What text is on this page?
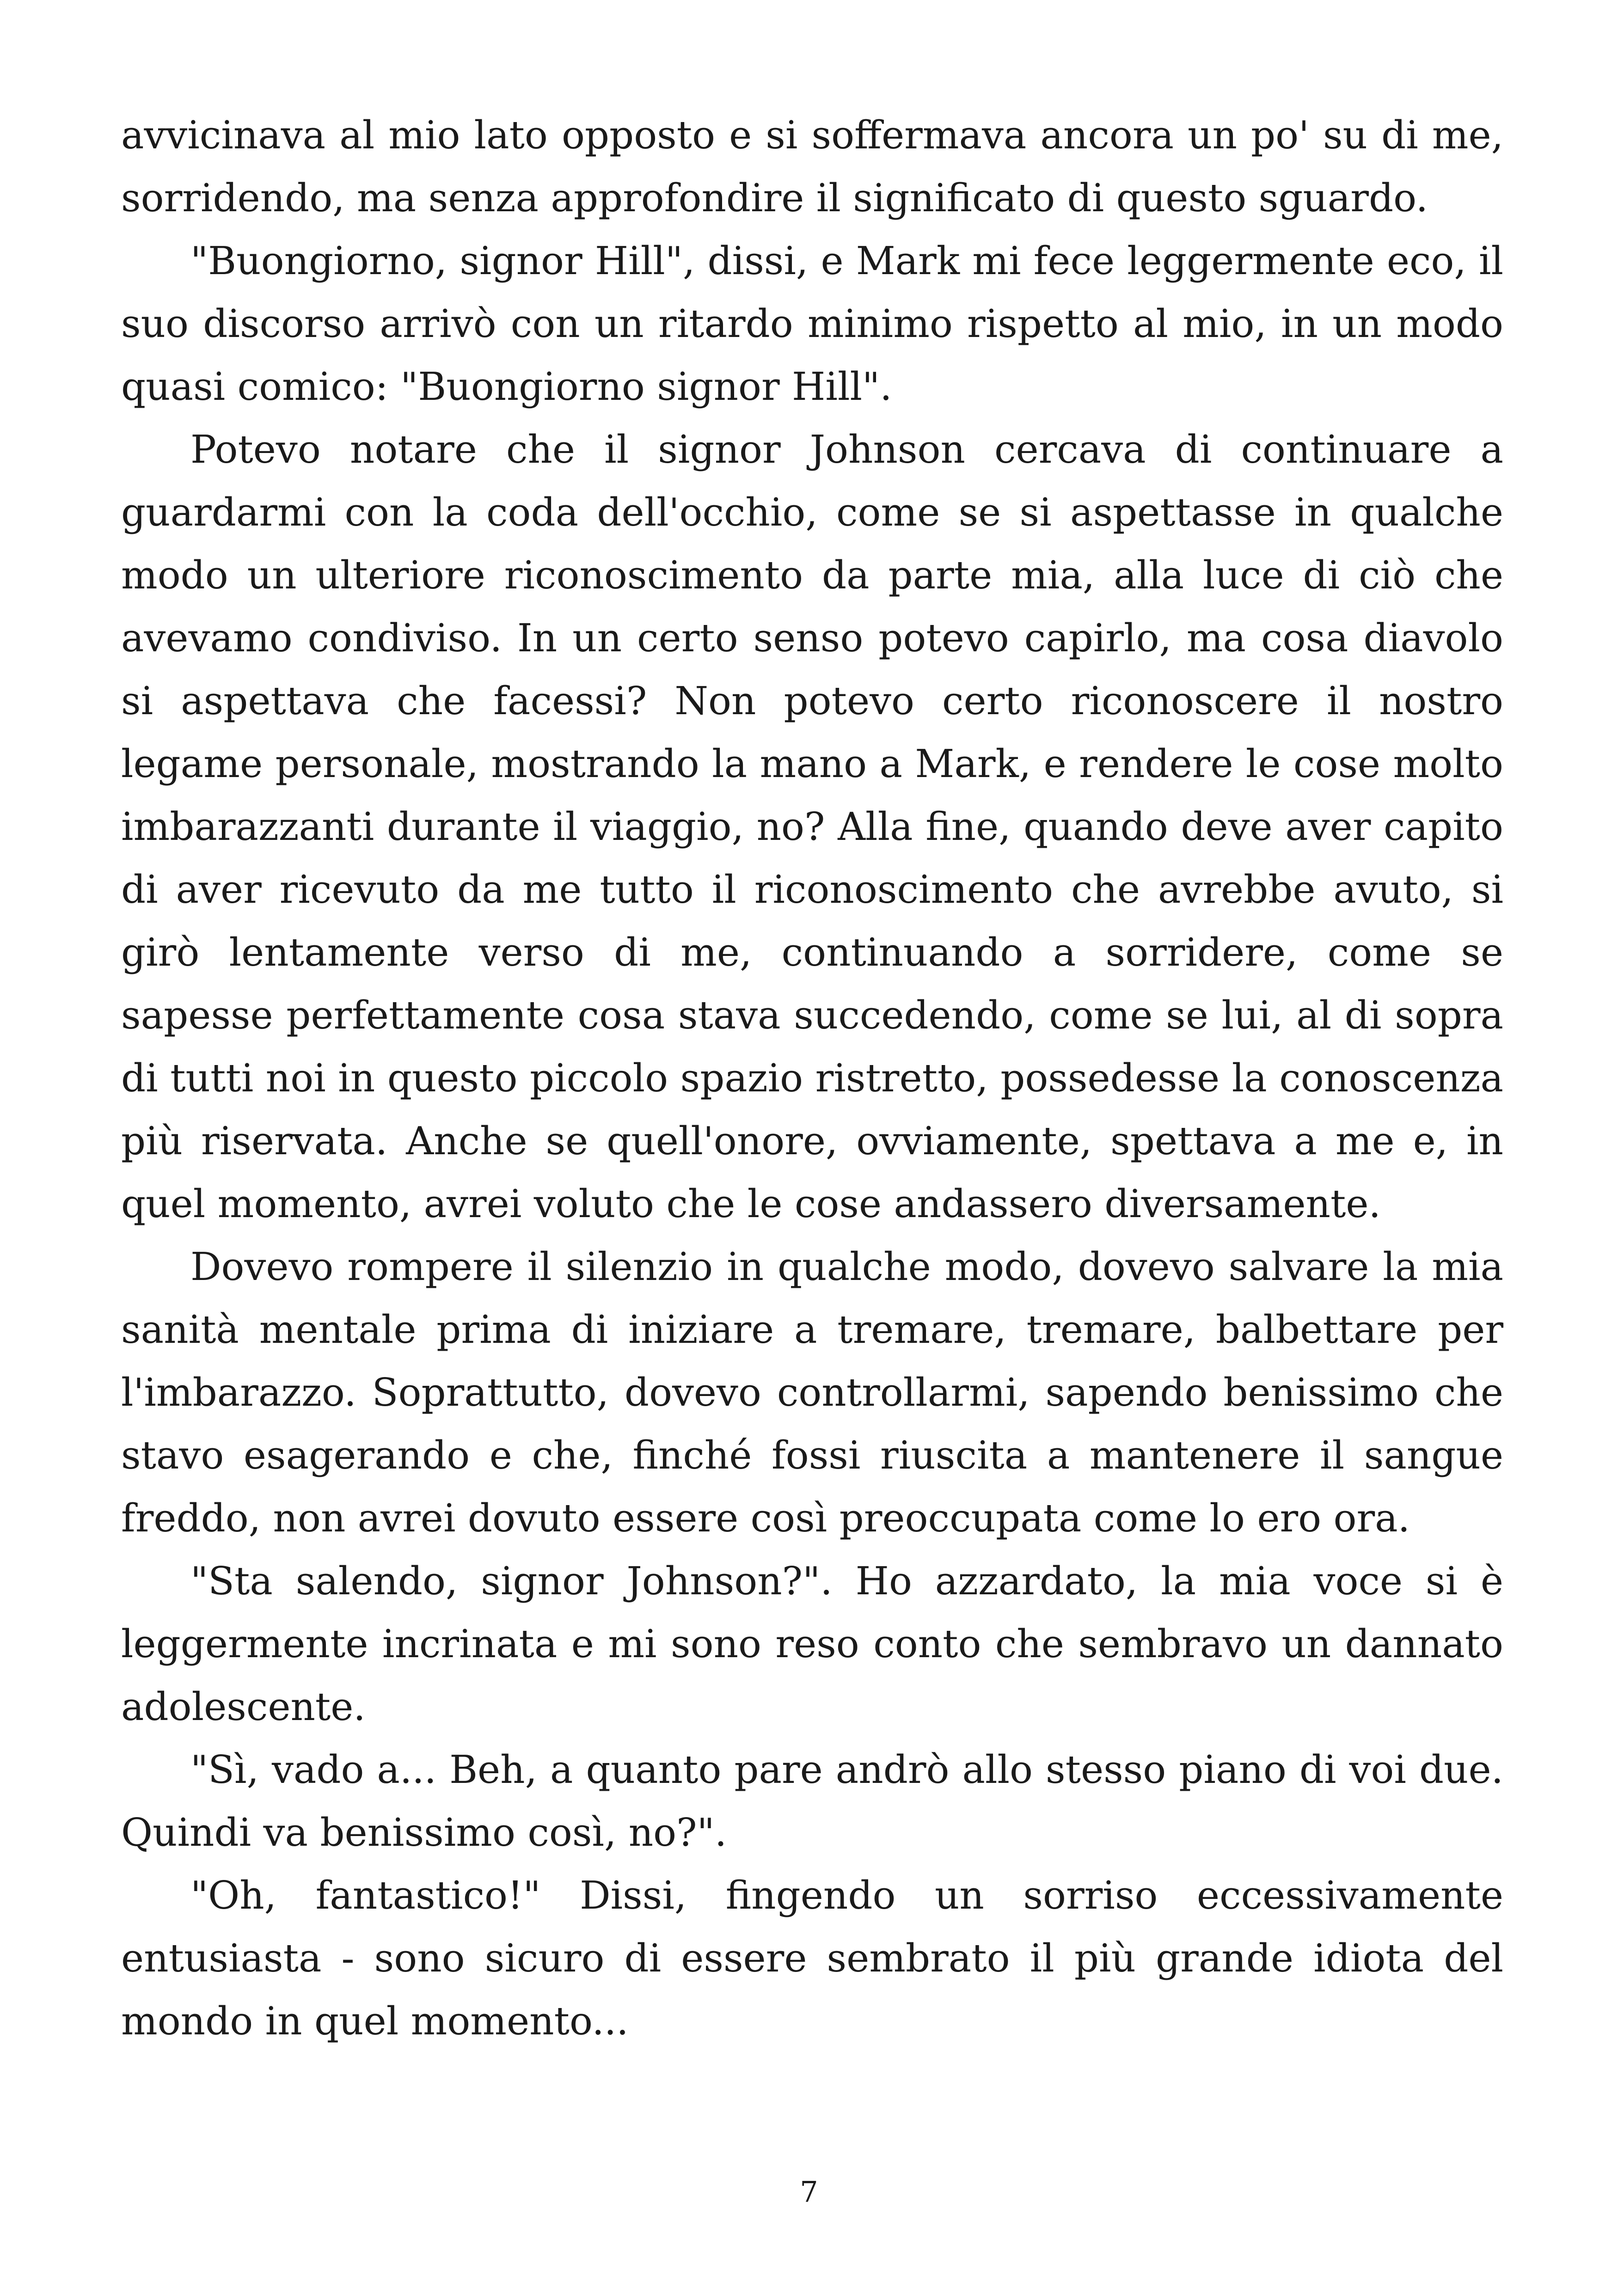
avvicinava al mio lato opposto e si soffermava ancora un po' su di me, sorridendo, ma senza approfondire il significato di questo sguardo.

"Buongiorno, signor Hill", dissi, e Mark mi fece leggermente eco, il suo discorso arrivò con un ritardo minimo rispetto al mio, in un modo quasi comico: "Buongiorno signor Hill".

Potevo notare che il signor Johnson cercava di continuare a guardarmi con la coda dell'occhio, come se si aspettasse in qualche modo un ulteriore riconoscimento da parte mia, alla luce di ciò che avevamo condiviso. In un certo senso potevo capirlo, ma cosa diavolo si aspettava che facessi? Non potevo certo riconoscere il nostro legame personale, mostrando la mano a Mark, e rendere le cose molto imbarazzanti durante il viaggio, no? Alla fine, quando deve aver capito di aver ricevuto da me tutto il riconoscimento che avrebbe avuto, si girò lentamente verso di me, continuando a sorridere, come se sapesse perfettamente cosa stava succedendo, come se lui, al di sopra di tutti noi in questo piccolo spazio ristretto, possedesse la conoscenza più riservata. Anche se quell'onore, ovviamente, spettava a me e, in quel momento, avrei voluto che le cose andassero diversamente.

Dovevo rompere il silenzio in qualche modo, dovevo salvare la mia sanità mentale prima di iniziare a tremare, tremare, balbettare per l'imbarazzo. Soprattutto, dovevo controllarmi, sapendo benissimo che stavo esagerando e che, finché fossi riuscita a mantenere il sangue freddo, non avrei dovuto essere così preoccupata come lo ero ora.

"Sta salendo, signor Johnson?". Ho azzardato, la mia voce si è leggermente incrinata e mi sono reso conto che sembravo un dannato adolescente.

"Sì, vado a... Beh, a quanto pare andrò allo stesso piano di voi due. Quindi va benissimo così, no?".

"Oh, fantastico!" Dissi, fingendo un sorriso eccessivamente entusiasta - sono sicuro di essere sembrato il più grande idiota del mondo in quel momento...

7
